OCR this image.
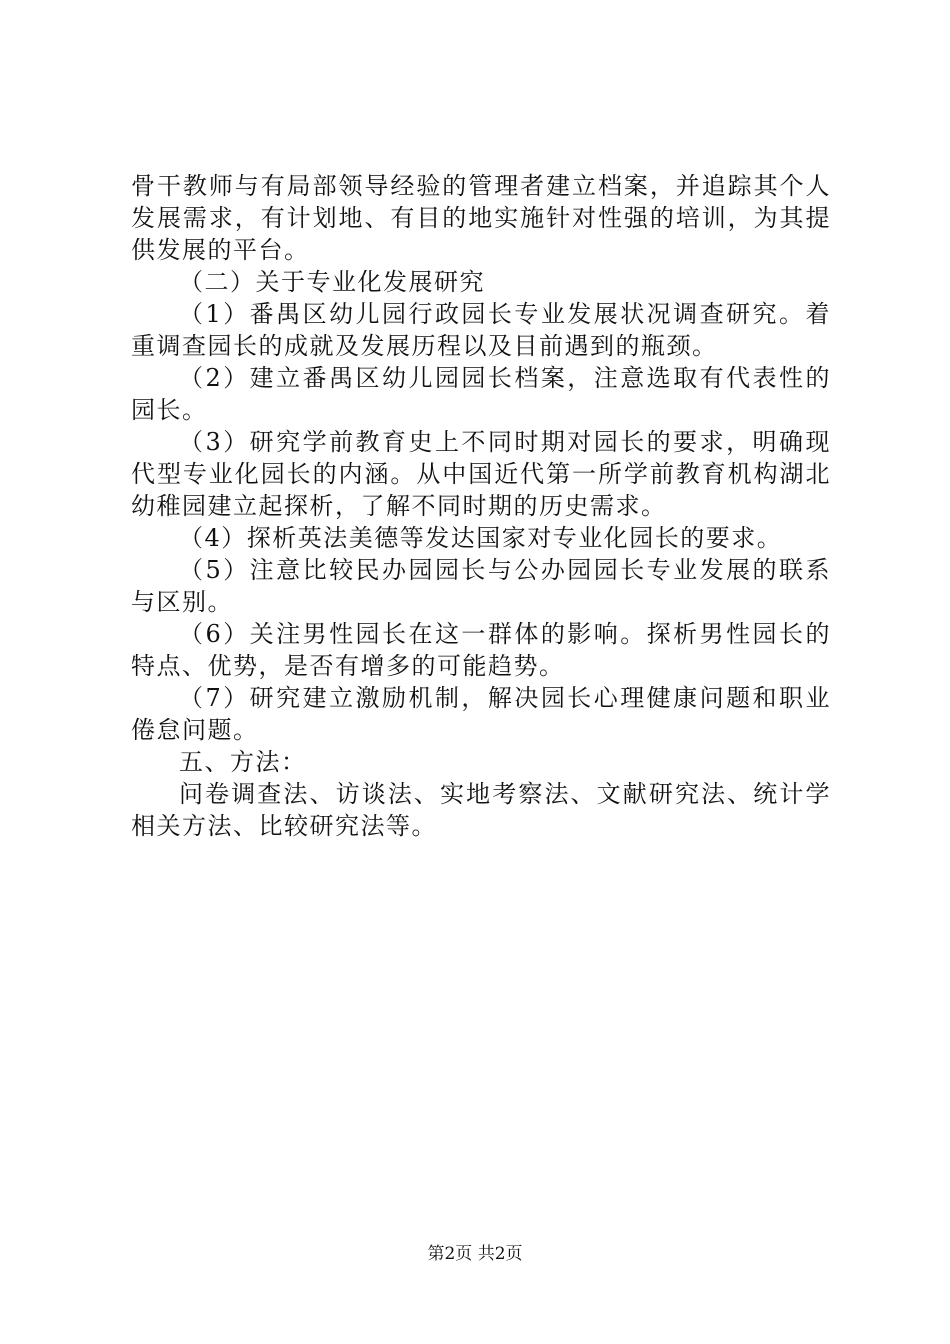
骨干教师与有局部领导经验的管理者建立档案，并追踪其个人发展需求，有计划地、有目的地实施针对性强的培训，为其提供发展的平台。

（二）关于专业化发展研究

（1）番禺区幼儿园行政园长专业发展状况调查研究。着重调查园长的成就及发展历程以及目前遇到的瓶颈。

（2）建立番禺区幼儿园园长档案，注意选取有代表性的园长。

（3）研究学前教育史上不同时期对园长的要求，明确现代型专业化园长的内涵。从中国近代第一所学前教育机构湖北幼稚园建立起探析，了解不同时期的历史需求。

（4）探析英法美德等发达国家对专业化园长的要求。

（5）注意比较民办园园长与公办园园长专业发展的联系与区别。

（6）关注男性园长在这一群体的影响。探析男性园长的特点、优势，是否有增多的可能趋势。

（7）研究建立激励机制，解决园长心理健康问题和职业倦怠问题。

五、方法：

问卷调查法、访谈法、实地考察法、文献研究法、统计学相关方法、比较研究法等。

第2页 共2页
